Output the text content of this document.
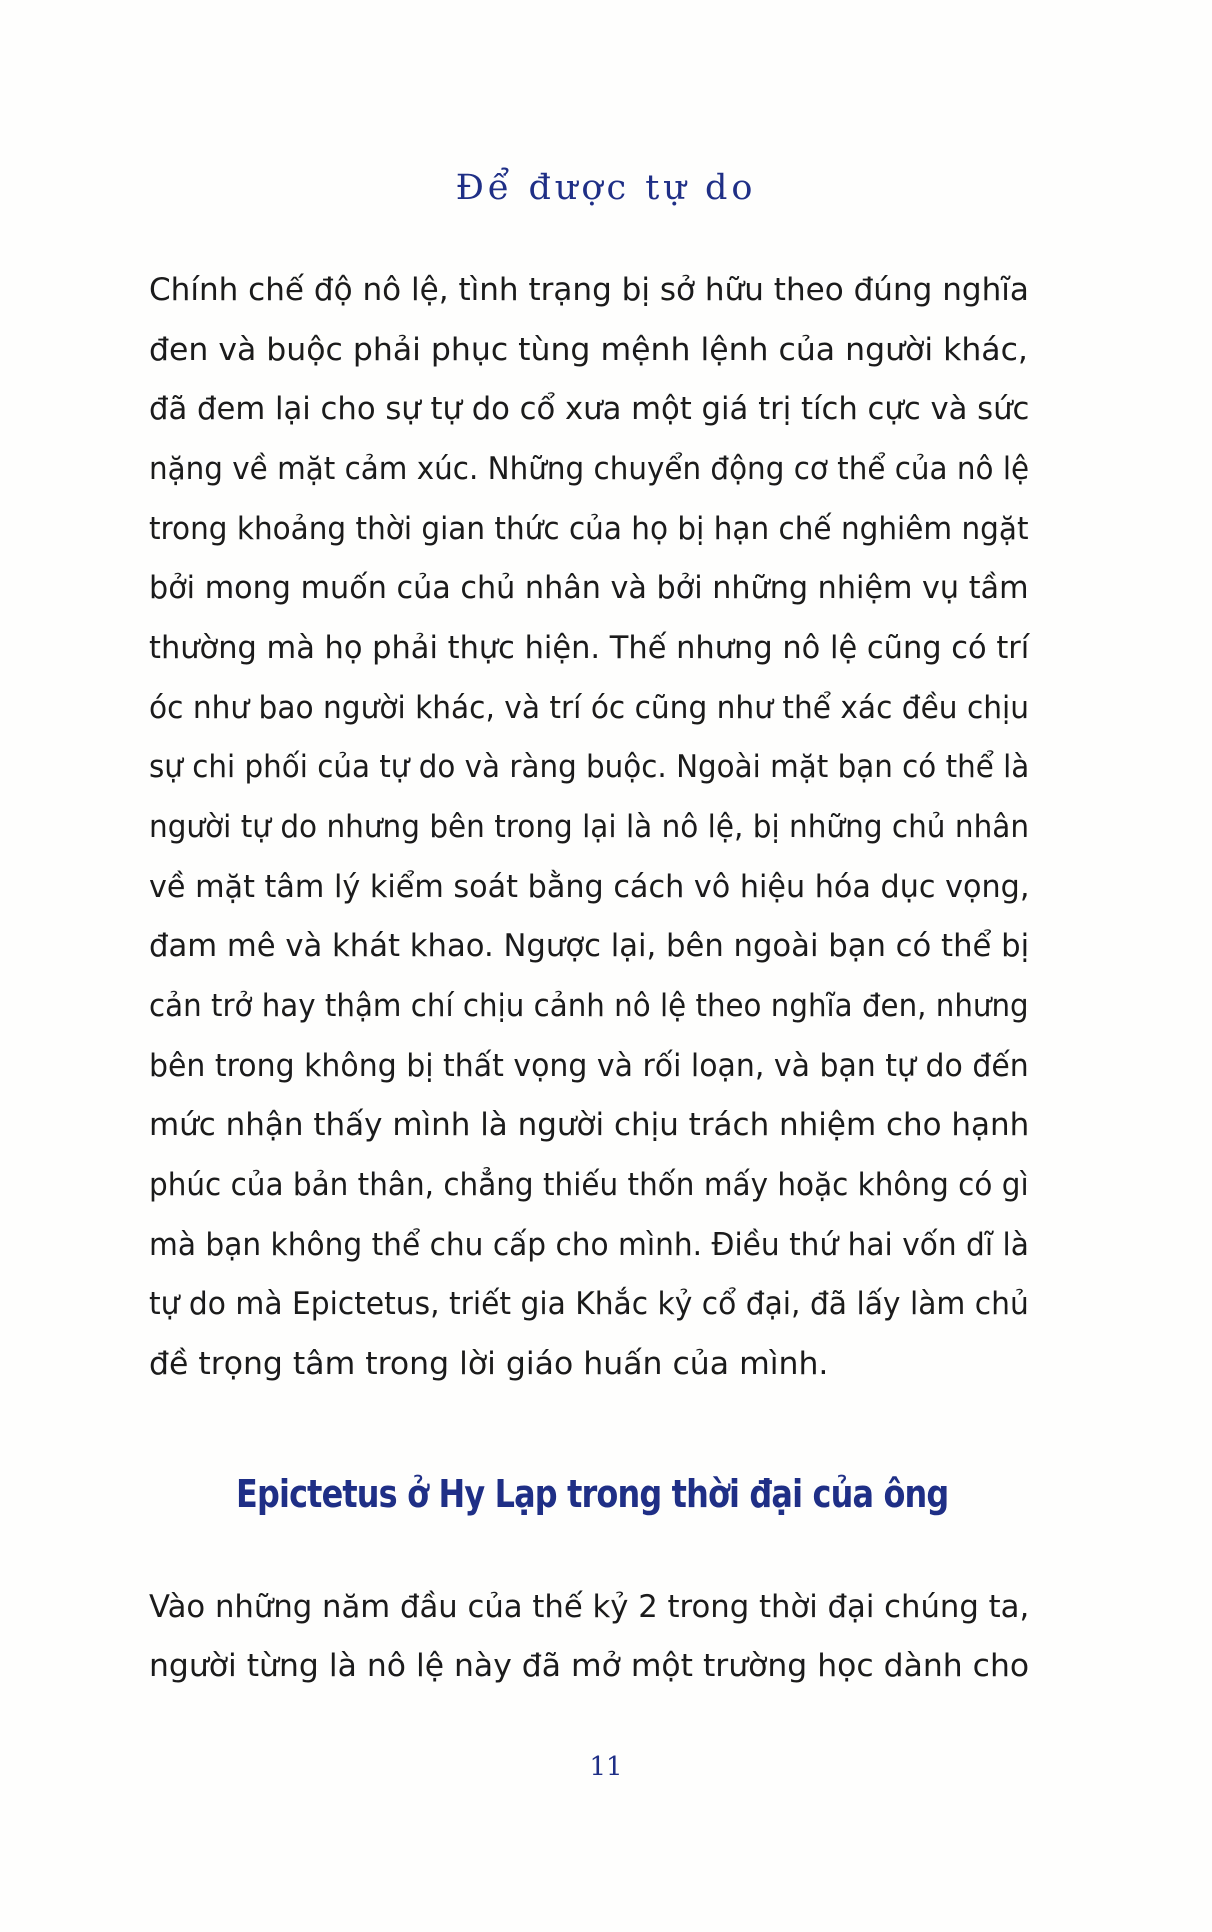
Để được tự do
Chính chế độ nô lệ, tình trạng bị sở hữu theo đúng nghĩa
đen và buộc phải phục tùng mệnh lệnh của người khác,
đã đem lại cho sự tự do cổ xưa một giá trị tích cực và sức
nặng về mặt cảm xúc. Những chuyển động cơ thể của nô lệ
trong khoảng thời gian thức của họ bị hạn chế nghiêm ngặt
bởi mong muốn của chủ nhân và bởi những nhiệm vụ tầm
thường mà họ phải thực hiện. Thế nhưng nô lệ cũng có trí
óc như bao người khác, và trí óc cũng như thể xác đều chịu
sự chi phối của tự do và ràng buộc. Ngoài mặt bạn có thể là
người tự do nhưng bên trong lại là nô lệ, bị những chủ nhân
về mặt tâm lý kiểm soát bằng cách vô hiệu hóa dục vọng,
đam mê và khát khao. Ngược lại, bên ngoài bạn có thể bị
cản trở hay thậm chí chịu cảnh nô lệ theo nghĩa đen, nhưng
bên trong không bị thất vọng và rối loạn, và bạn tự do đến
mức nhận thấy mình là người chịu trách nhiệm cho hạnh
phúc của bản thân, chẳng thiếu thốn mấy hoặc không có gì
mà bạn không thể chu cấp cho mình. Điều thứ hai vốn dĩ là
tự do mà Epictetus, triết gia Khắc kỷ cổ đại, đã lấy làm chủ
đề trọng tâm trong lời giáo huấn của mình.
Epictetus ở Hy Lạp trong thời đại của ông
Vào những năm đầu của thế kỷ 2 trong thời đại chúng ta,
người từng là nô lệ này đã mở một trường học dành cho
11
